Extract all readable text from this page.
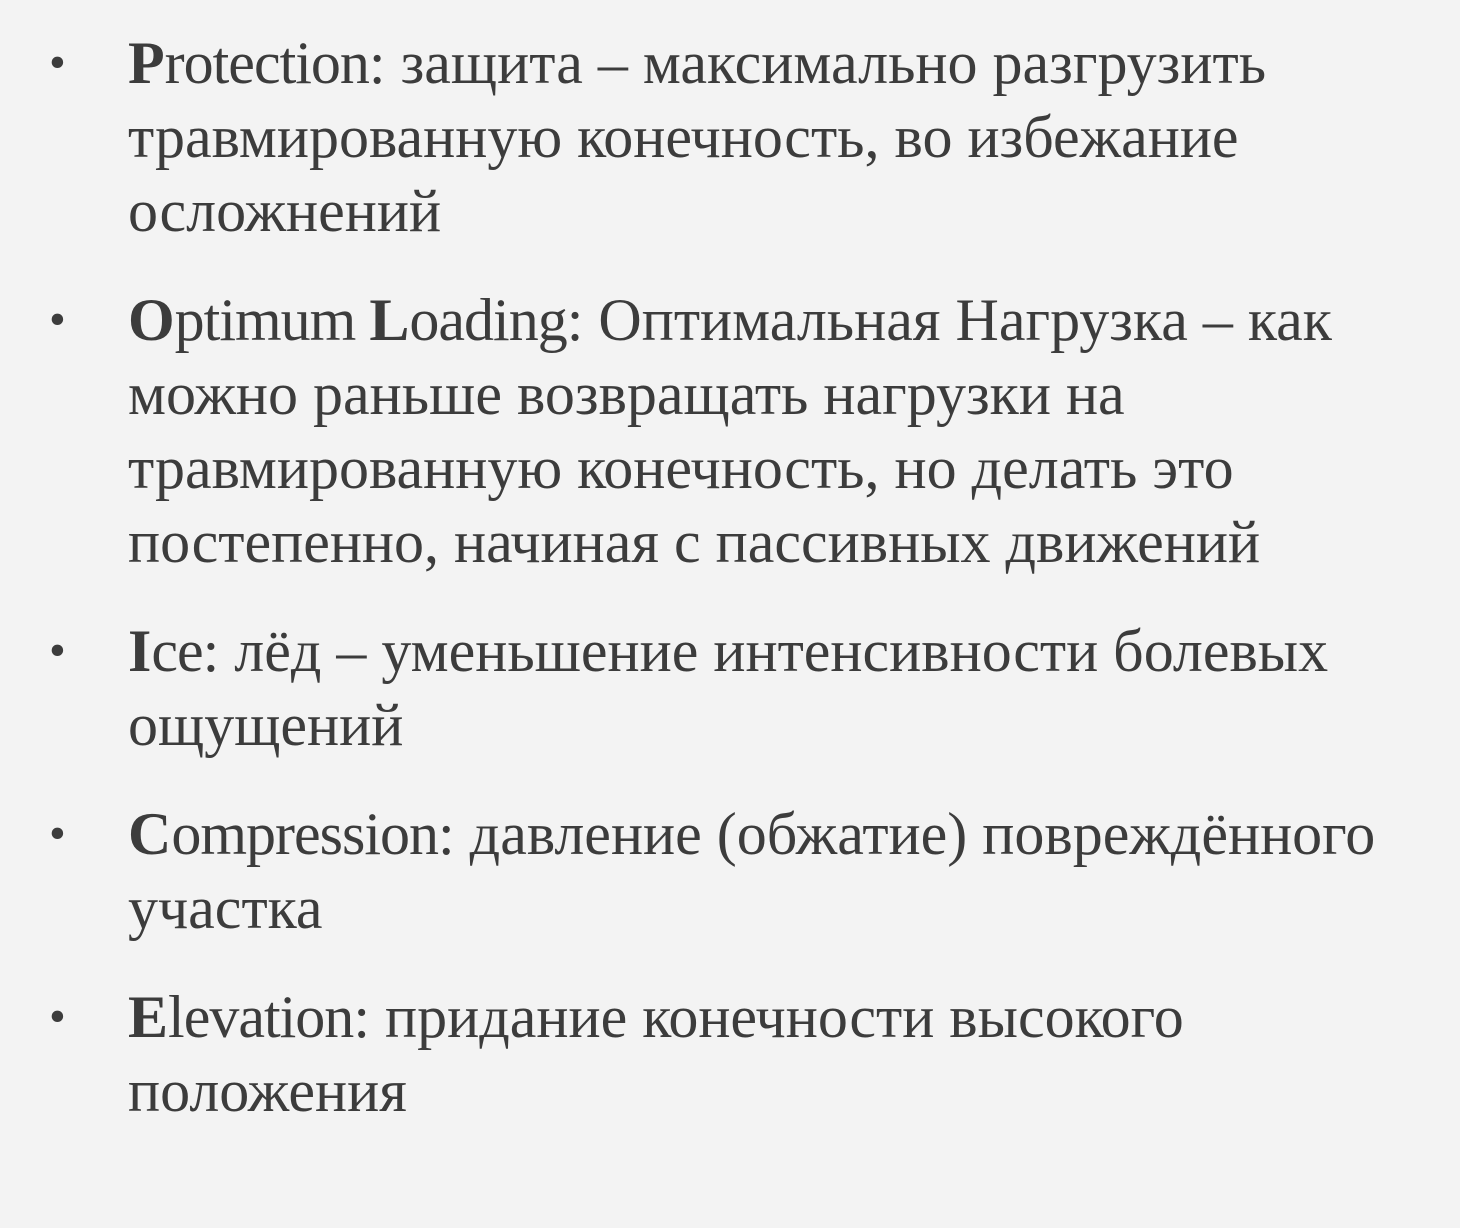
• Protection: защита – максимально разгрузить травмированную конечность, во избежание осложнений
• Optimum Loading: Оптимальная Нагрузка – как можно раньше возвращать нагрузки на травмированную конечность, но делать это постепенно, начиная с пассивных движений
• Ice: лёд – уменьшение интенсивности болевых ощущений
• Compression: давление (обжатие) повреждённого участка
• Elevation: придание конечности высокого положения
